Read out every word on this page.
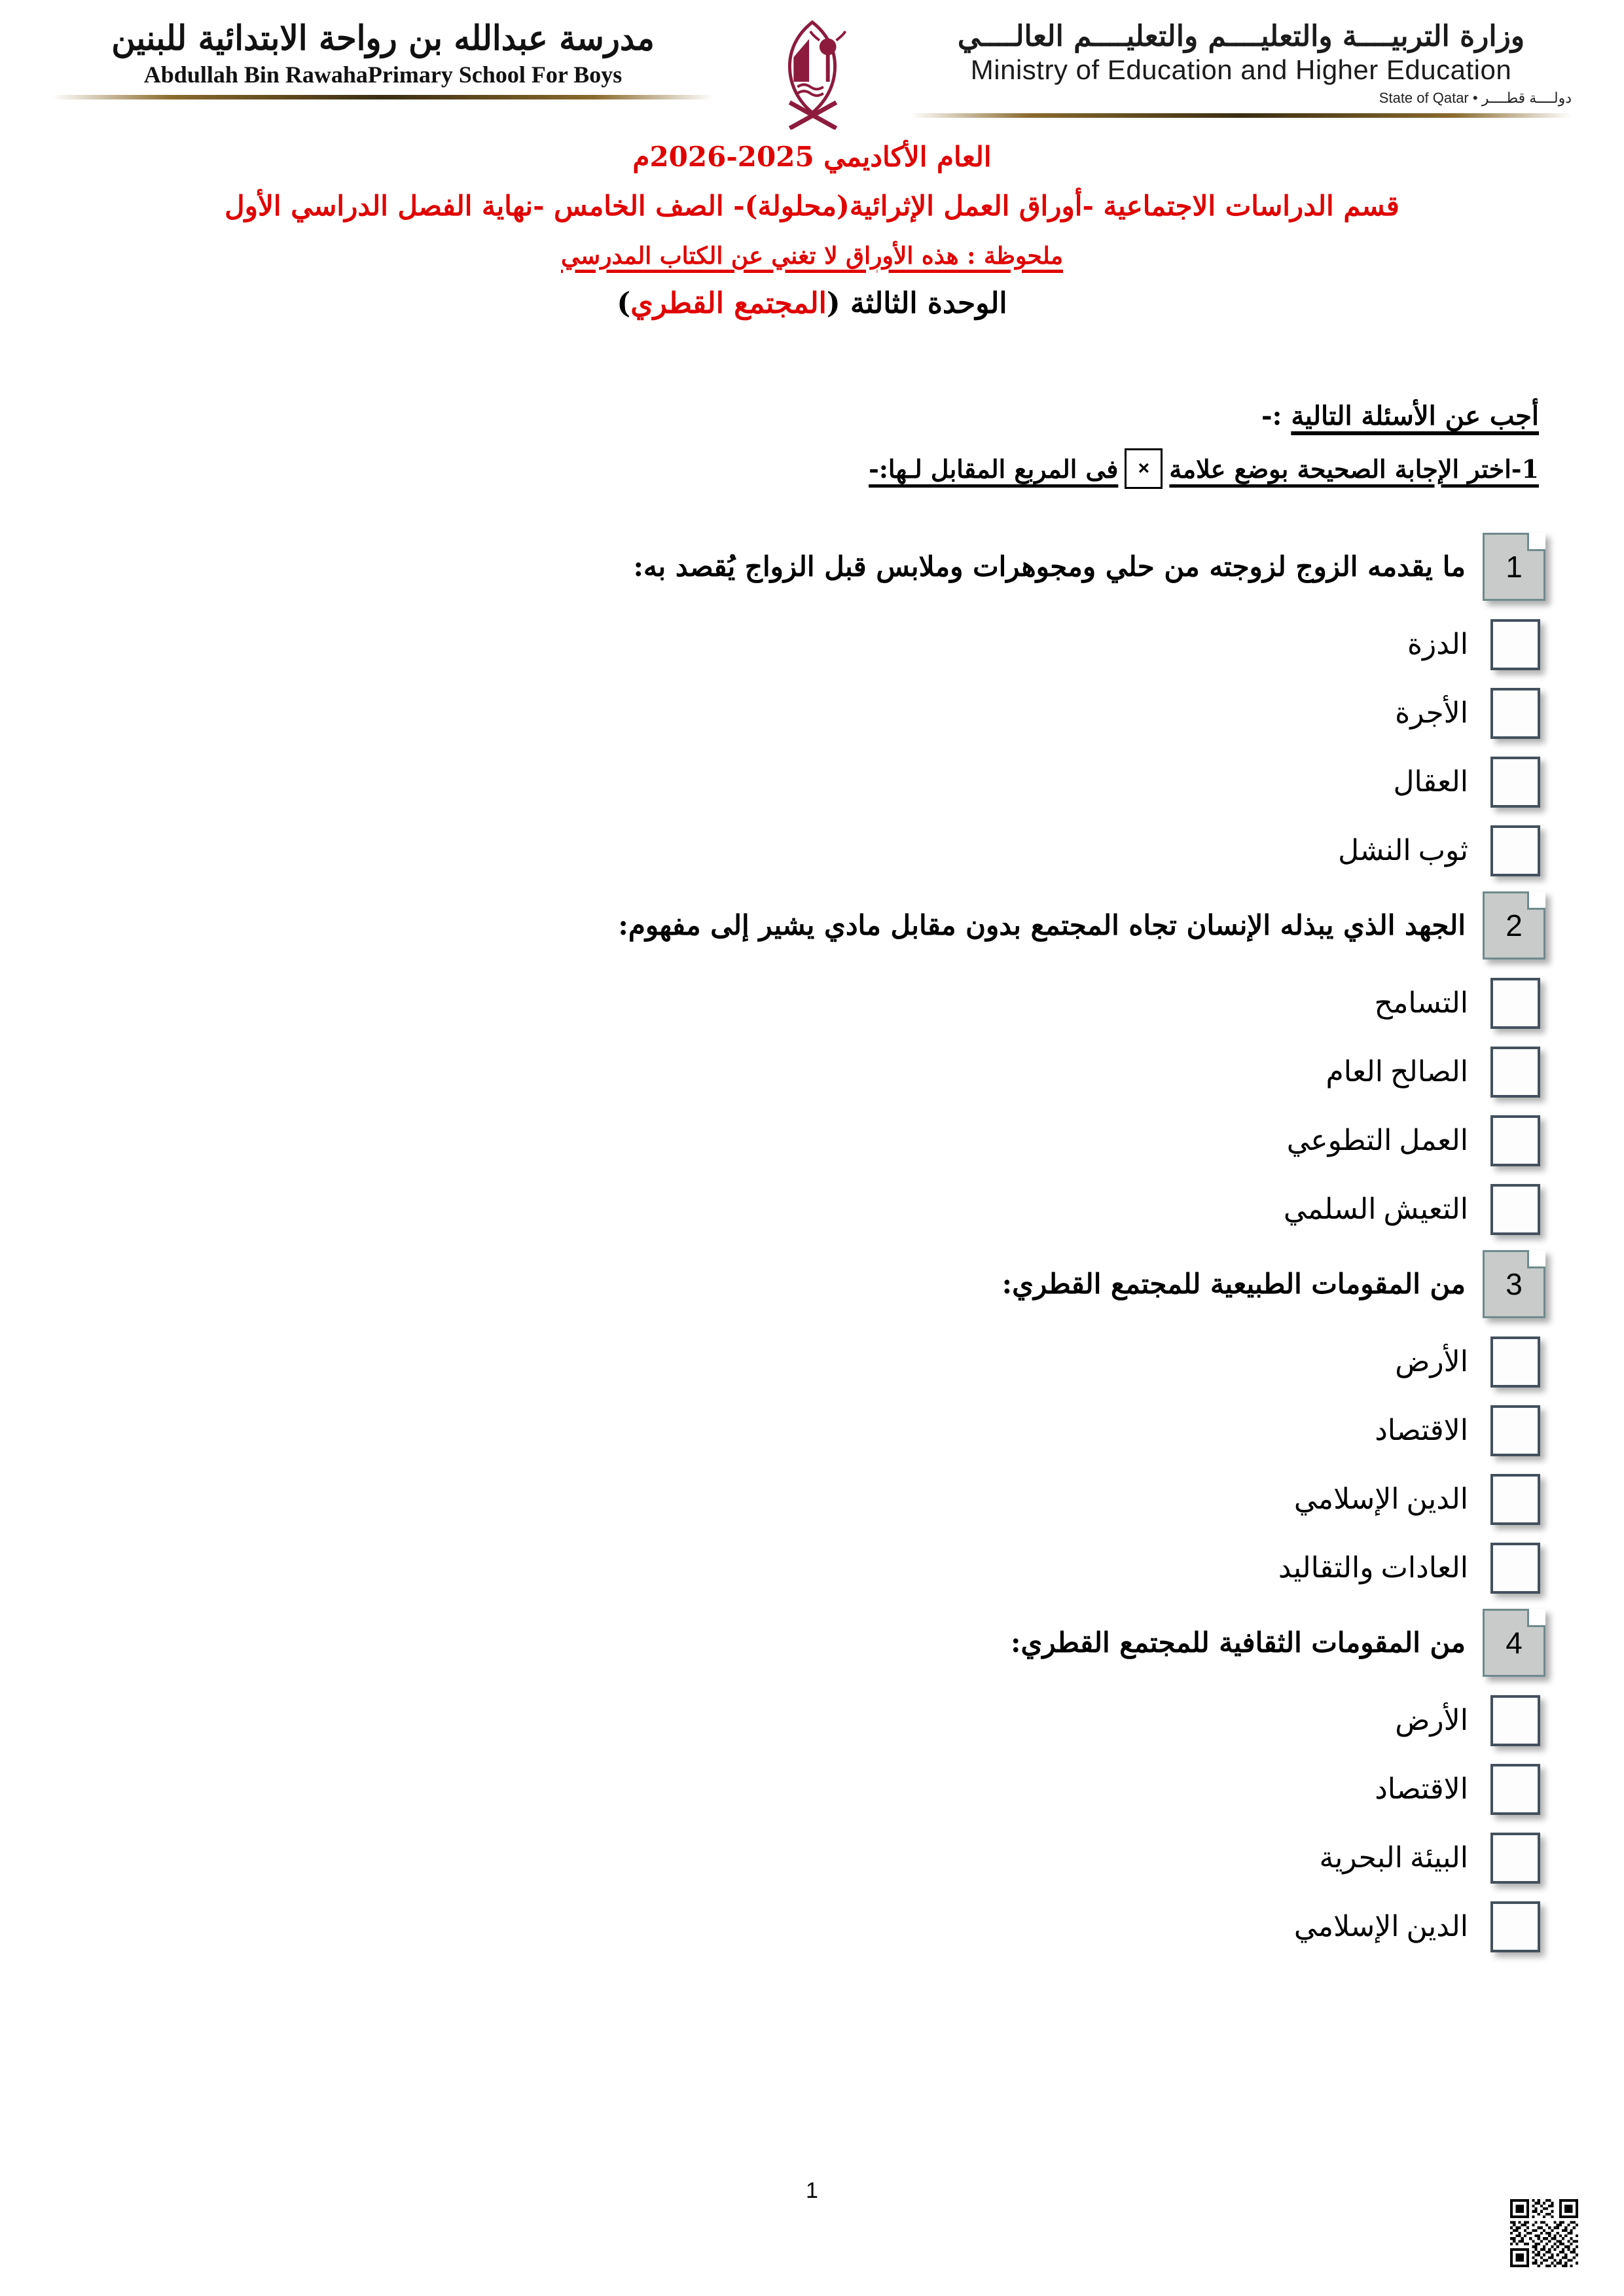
وزارة التربيــــة والتعليــــم والتعليــــم العالــــي
Ministry of Education and Higher Education
دولــــة قطــــر • State of Qatar
مدرسة عبدالله بن رواحة الابتدائية للبنين
Abdullah Bin RawahaPrimary School For Boys
العام الأكاديمي 2025-2026م
قسم الدراسات الاجتماعية -أوراق العمل الإثرائية(محلولة)- الصف الخامس -نهاية الفصل الدراسي الأول
ملحوظة : هذه الأوراق لا تغني عن الكتاب المدرسي
الوحدة الثالثة (المجتمع القطري)
أجب عن الأسئلة التالية :-
1-اختر الإجابة الصحيحة بوضع علامة
×
فى المربع المقابل لـها:-
1
ما يقدمه الزوج لزوجته من حلي ومجوهرات وملابس قبل الزواج يُقصد به:
الدزة
الأجرة
العقال
ثوب النشل
2
الجهد الذي يبذله الإنسان تجاه المجتمع بدون مقابل مادي يشير إلى مفهوم:
التسامح
الصالح العام
العمل التطوعي
التعيش السلمي
3
من المقومات الطبيعية للمجتمع القطري:
الأرض
الاقتصاد
الدين الإسلامي
العادات والتقاليد
4
من المقومات الثقافية للمجتمع القطري:
الأرض
الاقتصاد
البيئة البحرية
الدين الإسلامي
1
